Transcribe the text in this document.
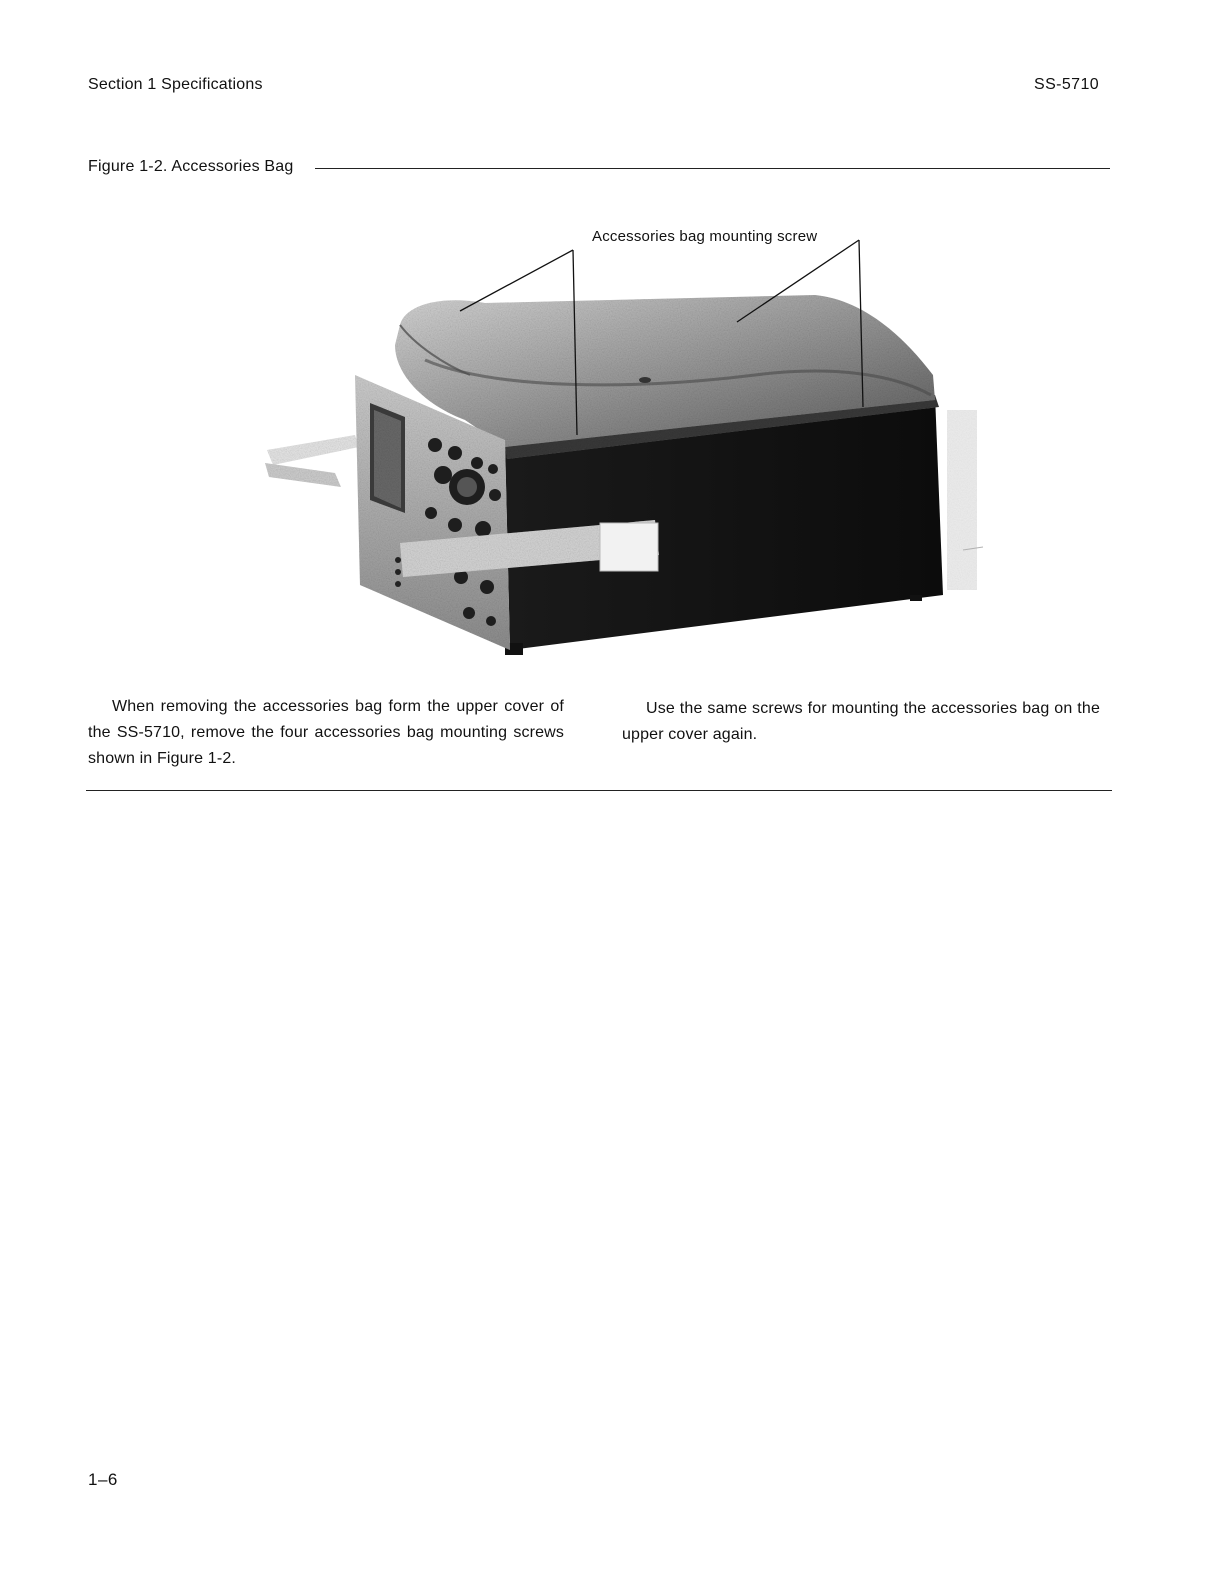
Section 1 Specifications	SS-5710
Figure 1-2. Accessories Bag
Accessories bag mounting screw

When removing the accessories bag form the upper cover of the SS-5710, remove the four accessories bag mounting screws shown in Figure 1-2.

Use the same screws for mounting the accessories bag on the upper cover again.

1–6
